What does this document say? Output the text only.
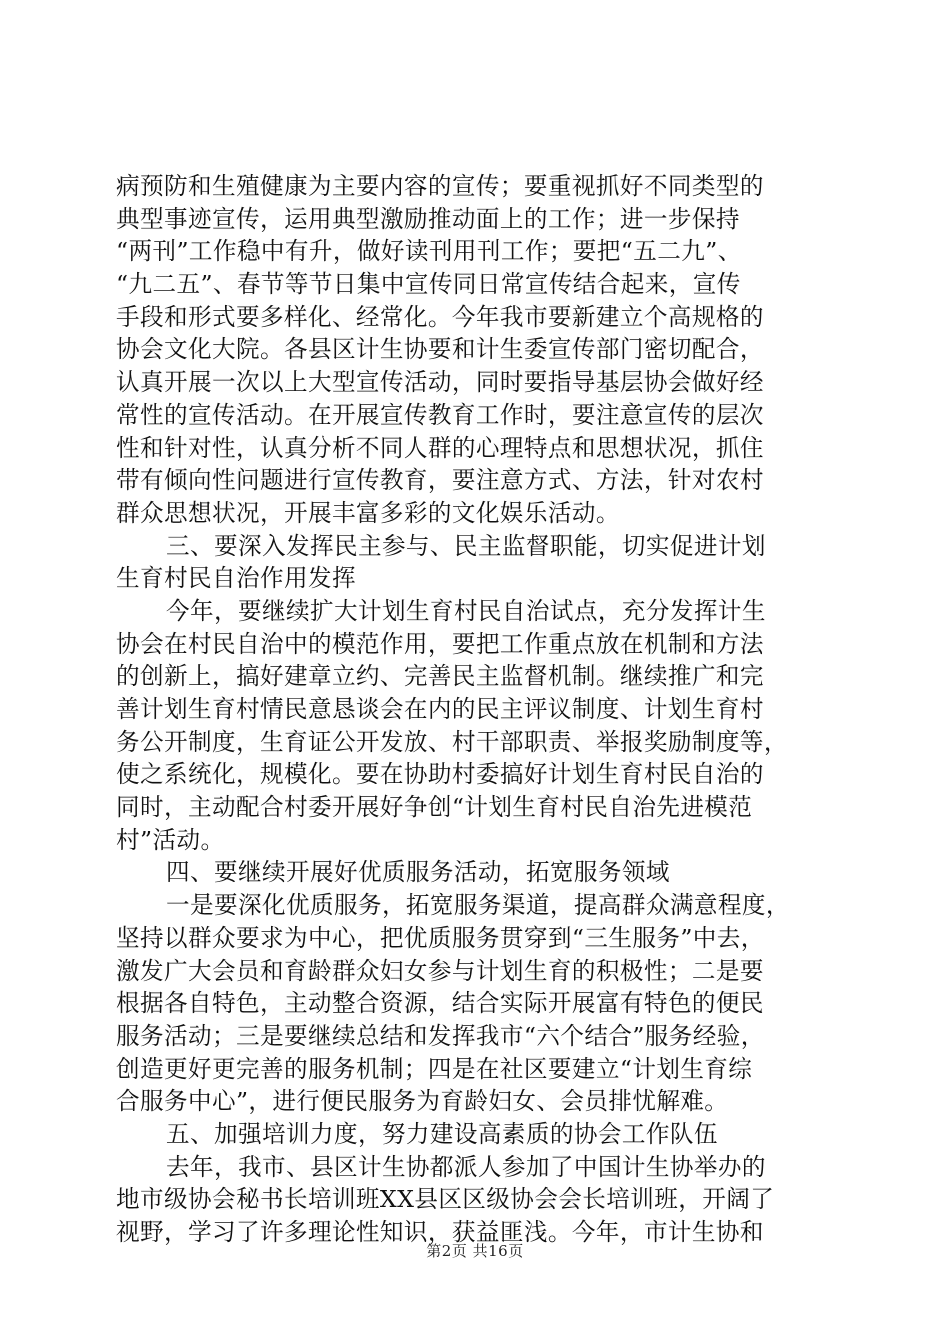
病预防和生殖健康为主要内容的宣传；要重视抓好不同类型的
典型事迹宣传，运用典型激励推动面上的工作；进一步保持
“两刊”工作稳中有升，做好读刊用刊工作；要把“五二九”、
“九二五”、春节等节日集中宣传同日常宣传结合起来，宣传
手段和形式要多样化、经常化。今年我市要新建立个高规格的
协会文化大院。各县区计生协要和计生委宣传部门密切配合，
认真开展一次以上大型宣传活动，同时要指导基层协会做好经
常性的宣传活动。在开展宣传教育工作时，要注意宣传的层次
性和针对性，认真分析不同人群的心理特点和思想状况，抓住
带有倾向性问题进行宣传教育，要注意方式、方法，针对农村
群众思想状况，开展丰富多彩的文化娱乐活动。
三、要深入发挥民主参与、民主监督职能，切实促进计划
生育村民自治作用发挥
今年，要继续扩大计划生育村民自治试点，充分发挥计生
协会在村民自治中的模范作用，要把工作重点放在机制和方法
的创新上，搞好建章立约、完善民主监督机制。继续推广和完
善计划生育村情民意恳谈会在内的民主评议制度、计划生育村
务公开制度，生育证公开发放、村干部职责、举报奖励制度等，
使之系统化，规模化。要在协助村委搞好计划生育村民自治的
同时，主动配合村委开展好争创“计划生育村民自治先进模范
村”活动。
四、要继续开展好优质服务活动，拓宽服务领域
一是要深化优质服务，拓宽服务渠道，提高群众满意程度，
坚持以群众要求为中心，把优质服务贯穿到“三生服务”中去，
激发广大会员和育龄群众妇女参与计划生育的积极性；二是要
根据各自特色，主动整合资源，结合实际开展富有特色的便民
服务活动；三是要继续总结和发挥我市“六个结合”服务经验，
创造更好更完善的服务机制；四是在社区要建立“计划生育综
合服务中心”，进行便民服务为育龄妇女、会员排忧解难。
五、加强培训力度，努力建设高素质的协会工作队伍
去年，我市、县区计生协都派人参加了中国计生协举办的
地市级协会秘书长培训班XX县区区级协会会长培训班，开阔了
视野，学习了许多理论性知识，获益匪浅。今年，市计生协和
第2页 共16页
